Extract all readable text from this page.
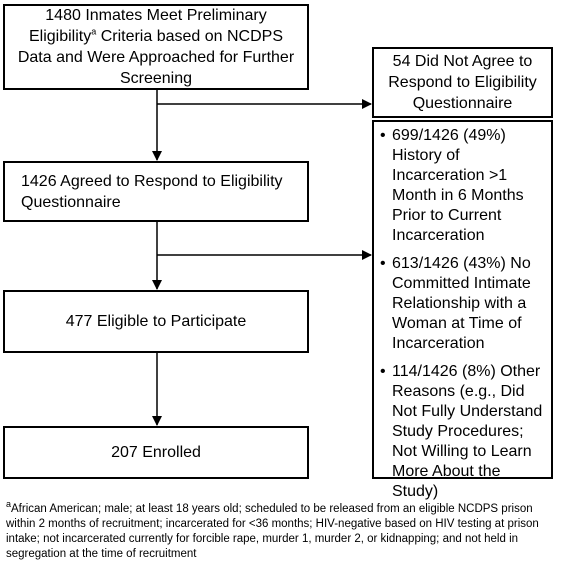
1480 Inmates Meet Preliminary
Eligibility$^a$ Criteria based on NCDPS
Data and Were Approached for Further
Screening
54 Did Not Agree to Respond to Eligibility Questionnaire
1426 Agreed to Respond to Eligibility Questionnaire
• 699/1426 (49%) History of Incarceration >1 Month in 6 Months Prior to Current Incarceration
• 613/1426 (43%) No Committed Intimate Relationship with a Woman at Time of Incarceration
• 114/1426 (8%) Other Reasons (e.g., Did Not Fully Understand Study Procedures; Not Willing to Learn More About the Study)
477 Eligible to Participate
207 Enrolled
$^a$African American; male; at least 18 years old; scheduled to be released from an eligible NCDPS prison within 2 months of recruitment; incarcerated for <36 months; HIV-negative based on HIV testing at prison intake; not incarcerated currently for forcible rape, murder 1, murder 2, or kidnapping; and not held in segregation at the time of recruitment
